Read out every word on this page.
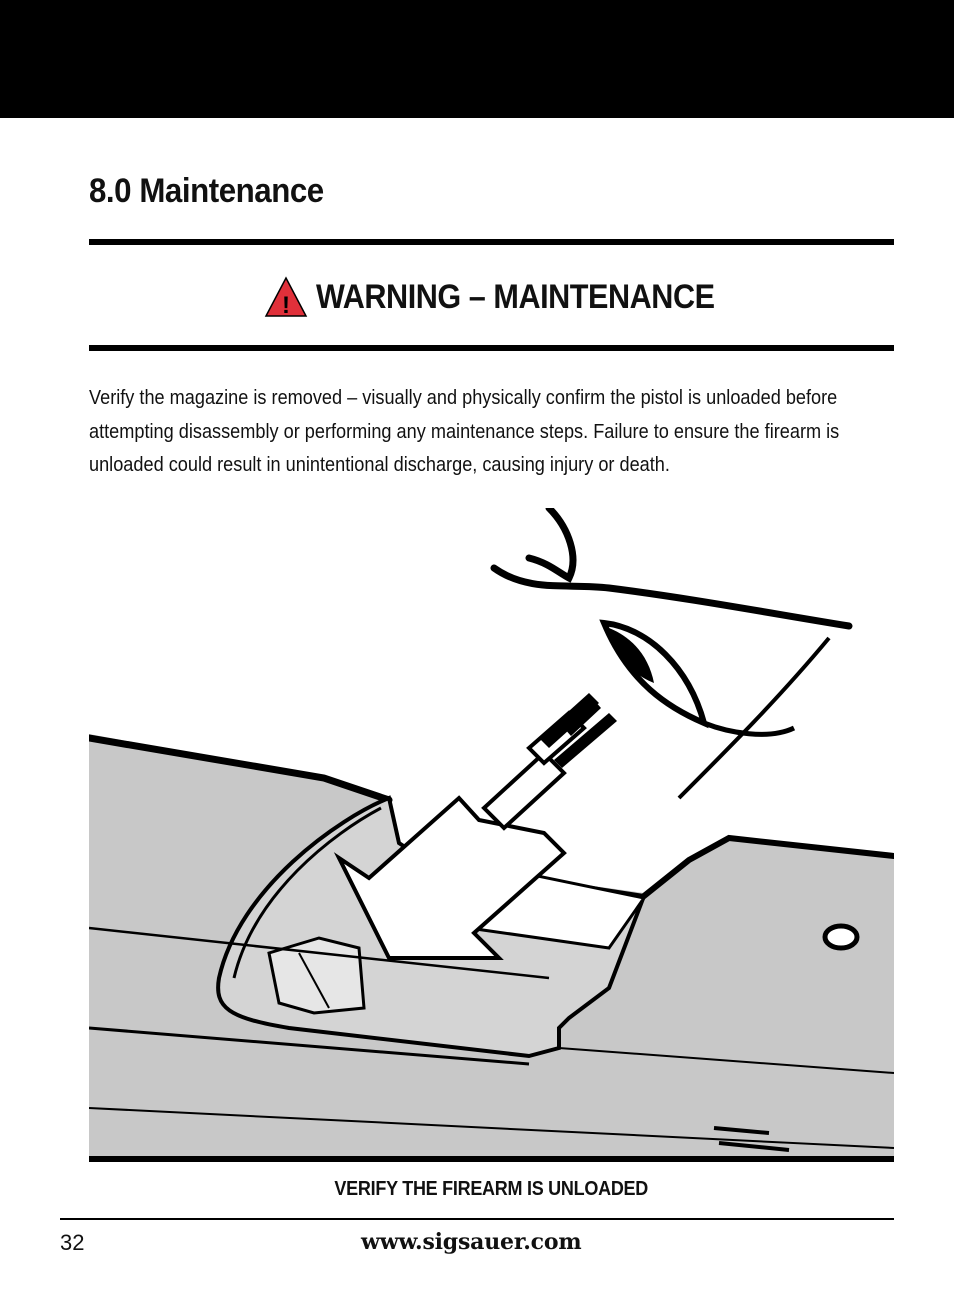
8.0 Maintenance
! WARNING – MAINTENANCE

Verify the magazine is removed – visually and physically confirm the pistol is unloaded before attempting disassembly or performing any maintenance steps. Failure to ensure the firearm is unloaded could result in unintentional discharge, causing injury or death.

VERIFY THE FIREARM IS UNLOADED
32	www.sigsauer.com
